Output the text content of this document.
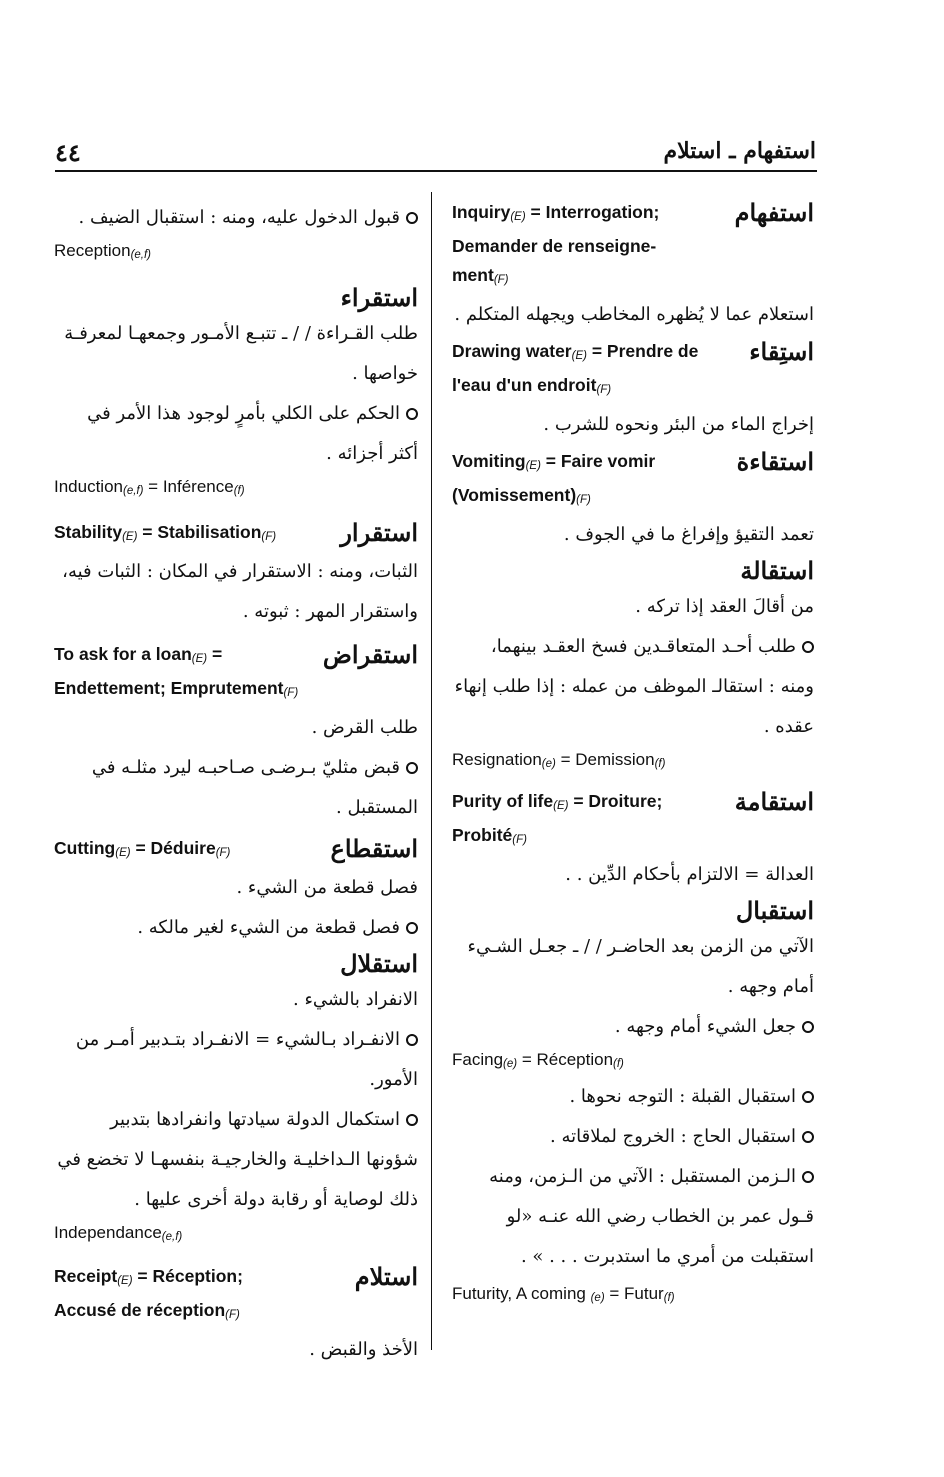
٤٤	استفهام ـ استلام
Inquiry(E) = Interrogation; Demander de renseigne-ment(F)
استفهام

استعلام عما لا يُظهره المخاطب ويجهله المتكلم .

Drawing water(E) = Prendre de l'eau d'un endroit(F)
استِقاء

إخراج الماء من البئر ونحوه للشرب .

Vomiting(E) = Faire vomir (Vomissement)(F)
استقاءة

تعمد التقيؤ وإفراغ ما في الجوف .

استقالة

من أقالَ العقد إذا تركه .

طلب أحـد المتعاقـدين فسخ العقـد بينهما، ومنه : استقالـ الموظف من عمله : إذا طلب إنهاء عقده .

Resignation(e) = Demission(f)
Purity of life(E) = Droiture; Probité(F)
استقامة

العدالة = الالتزام بأحكام الدِّين . .

استقبال

الآتي من الزمن بعد الحاضـر / / ـ جعـل الشـيء أمام وجهه .

جعل الشيء أمام وجهه .

Facing(e) = Réception(f)

استقبال القبلة : التوجه نحوها .

استقبال الحاج : الخروج لملاقاته .

الـزمن المستقبل : الآتي من الـزمن، ومنه قـول عمر بن الخطاب رضي الله عنـه «لو استقبلت من أمري ما استدبرت . . . » .

Futurity, A coming (e) = Futur(f)

قبول الدخول عليه، ومنه : استقبال الضيف .

Reception(e,f)
استقراء

طلب القـراءة / / ـ تتبـع الأمـور وجمعهـا لمعرفـة خواصها .

الحكم على الكلي بأمرٍ لوجود هذا الأمر في أكثر أجزائه .

Induction(e,f) = Inférence(f)
Stability(E) = Stabilisation(F)	استقرار

الثبات، ومنه : الاستقرار في المكان : الثبات فيه، واستقرار المهر : ثبوته .

To ask for a loan(E) = Endettement; Emprutement(F)
استقراض

طلب القرض .

قبض مثليّ بـرضـى صـاحبـه ليرد مثلـه في المستقبل .

Cutting(E) = Déduire(F)	استقطاع

فصل قطعة من الشيء .

فصل قطعة من الشيء لغير مالكه .

استقلال

الانفراد بالشيء .

الانفـراد بـالشيء = الانفـراد بتـدبير أمـر من الأمور.

استكمال الدولة سيادتها وانفرادها بتدبير شؤونها الـداخليـة والخارجيـة بنفسهـا لا تخضع في ذلك لوصاية أو رقابة دولة أخرى عليها .

Independance(e,f)
Receipt(E) = Réception; Accusé de réception(F)
استلام

الأخذ والقبض .
